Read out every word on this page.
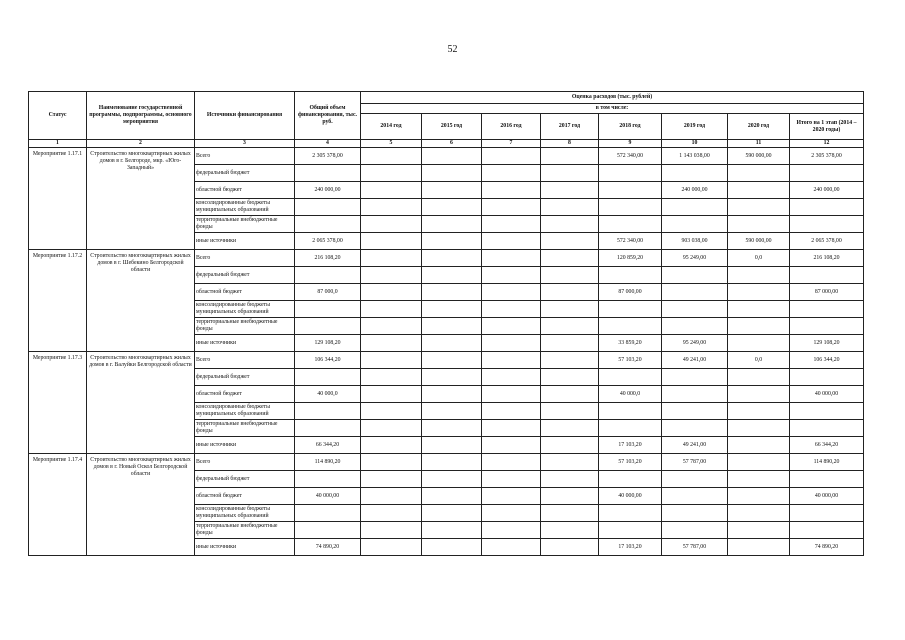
52
Статус	Наименование государственной программы, подпрограммы, основного мероприятия	Источники финансирования	Общий объем финансирования, тыс. руб.	Оценка расходов (тыс. рублей)							
				в том числе:							
				2014 год	2015 год	2016 год	2017 год	2018 год	2019 год	2020 год	Итого на 1 этап (2014 – 2020 годы)
1	2	3	4	5	6	7	8	9	10	11	12
Мероприятие 1.17.1	Строительство многоквартирных жилых домов в г. Белгороде, мкр. «Юго-Западный»	Всего	2 305 378,00					572 340,00	1 143 038,00	590 000,00	2 305 378,00
		федеральный бюджет									
		областной бюджет	240 000,00						240 000,00		240 000,00
		консолидированные бюджеты муниципальных образований									
		территориальные внебюджетные фонды									
		иные источники	2 065 378,00					572 340,00	903 038,00	590 000,00	2 065 378,00
Мероприятие 1.17.2	Строительство многоквартирных жилых домов в г. Шебекино Белгородской области	Всего	216 108,20					120 859,20	95 249,00	0,0	216 108,20
		федеральный бюджет									
		областной бюджет	87 000,0					87 000,00			87 000,00
		консолидированные бюджеты муниципальных образований									
		территориальные внебюджетные фонды									
		иные источники	129 108,20					33 859,20	95 249,00		129 108,20
Мероприятие 1.17.3	Строительство многоквартирных жилых домов в г. Валуйки Белгородской области	Всего	106 344,20					57 103,20	49 241,00	0,0	106 344,20
		федеральный бюджет									
		областной бюджет	40 000,0					40 000,0			40 000,00
		консолидированные бюджеты муниципальных образований									
		территориальные внебюджетные фонды									
		иные источники	66 344,20					17 103,20	49 241,00		66 344,20
Мероприятие 1.17.4	Строительство многоквартирных жилых домов в г. Новый Оскол Белгородской области	Всего	114 890,20					57 103,20	57 787,00		114 890,20
		федеральный бюджет									
		областной бюджет	40 000,00					40 000,00			40 000,00
		консолидированные бюджеты муниципальных образований									
		территориальные внебюджетные фонды									
		иные источники	74 890,20					17 103,20	57 787,00		74 890,20
